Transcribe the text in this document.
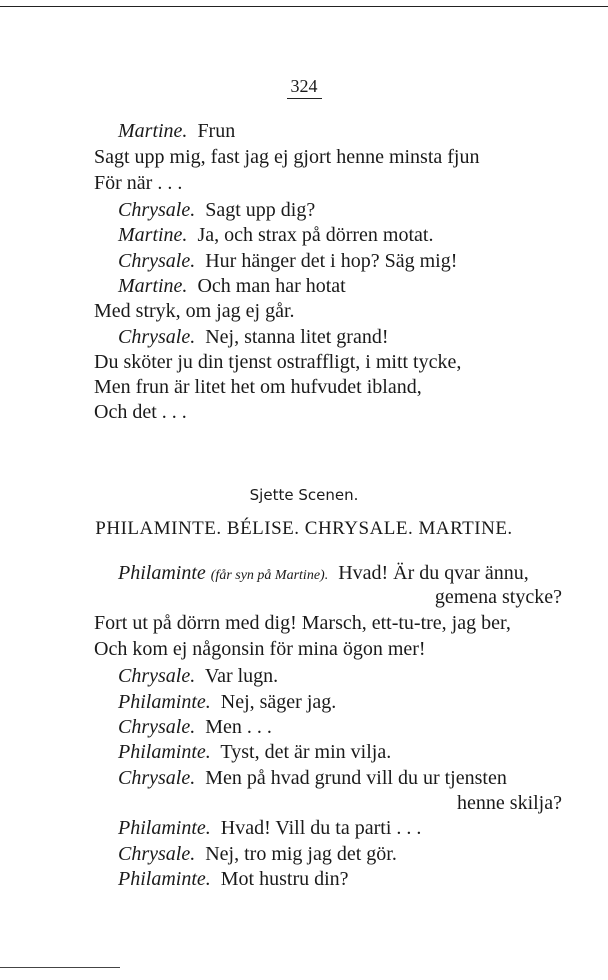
324
Martine. Frun
Sagt upp mig, fast jag ej gjort henne minsta fjun
För när . . .
Chrysale. Sagt upp dig?
Martine. Ja, och strax på dörren motat.
Chrysale. Hur hänger det i hop? Säg mig!
Martine. Och man har hotat
Med stryk, om jag ej går.
Chrysale. Nej, stanna litet grand!
Du sköter ju din tjenst ostraffligt, i mitt tycke,
Men frun är litet het om hufvudet ibland,
Och det . . .
Sjette Scenen.
PHILAMINTE. BÉLISE. CHRYSALE. MARTINE.
Philaminte (får syn på Martine). Hvad! Är du qvar ännu,
gemena stycke?
Fort ut på dörrn med dig! Marsch, ett-tu-tre, jag ber,
Och kom ej någonsin för mina ögon mer!
Chrysale. Var lugn.
Philaminte. Nej, säger jag.
Chrysale. Men . . .
Philaminte. Tyst, det är min vilja.
Chrysale. Men på hvad grund vill du ur tjensten
henne skilja?
Philaminte. Hvad! Vill du ta parti . . .
Chrysale. Nej, tro mig jag det gör.
Philaminte. Mot hustru din?
